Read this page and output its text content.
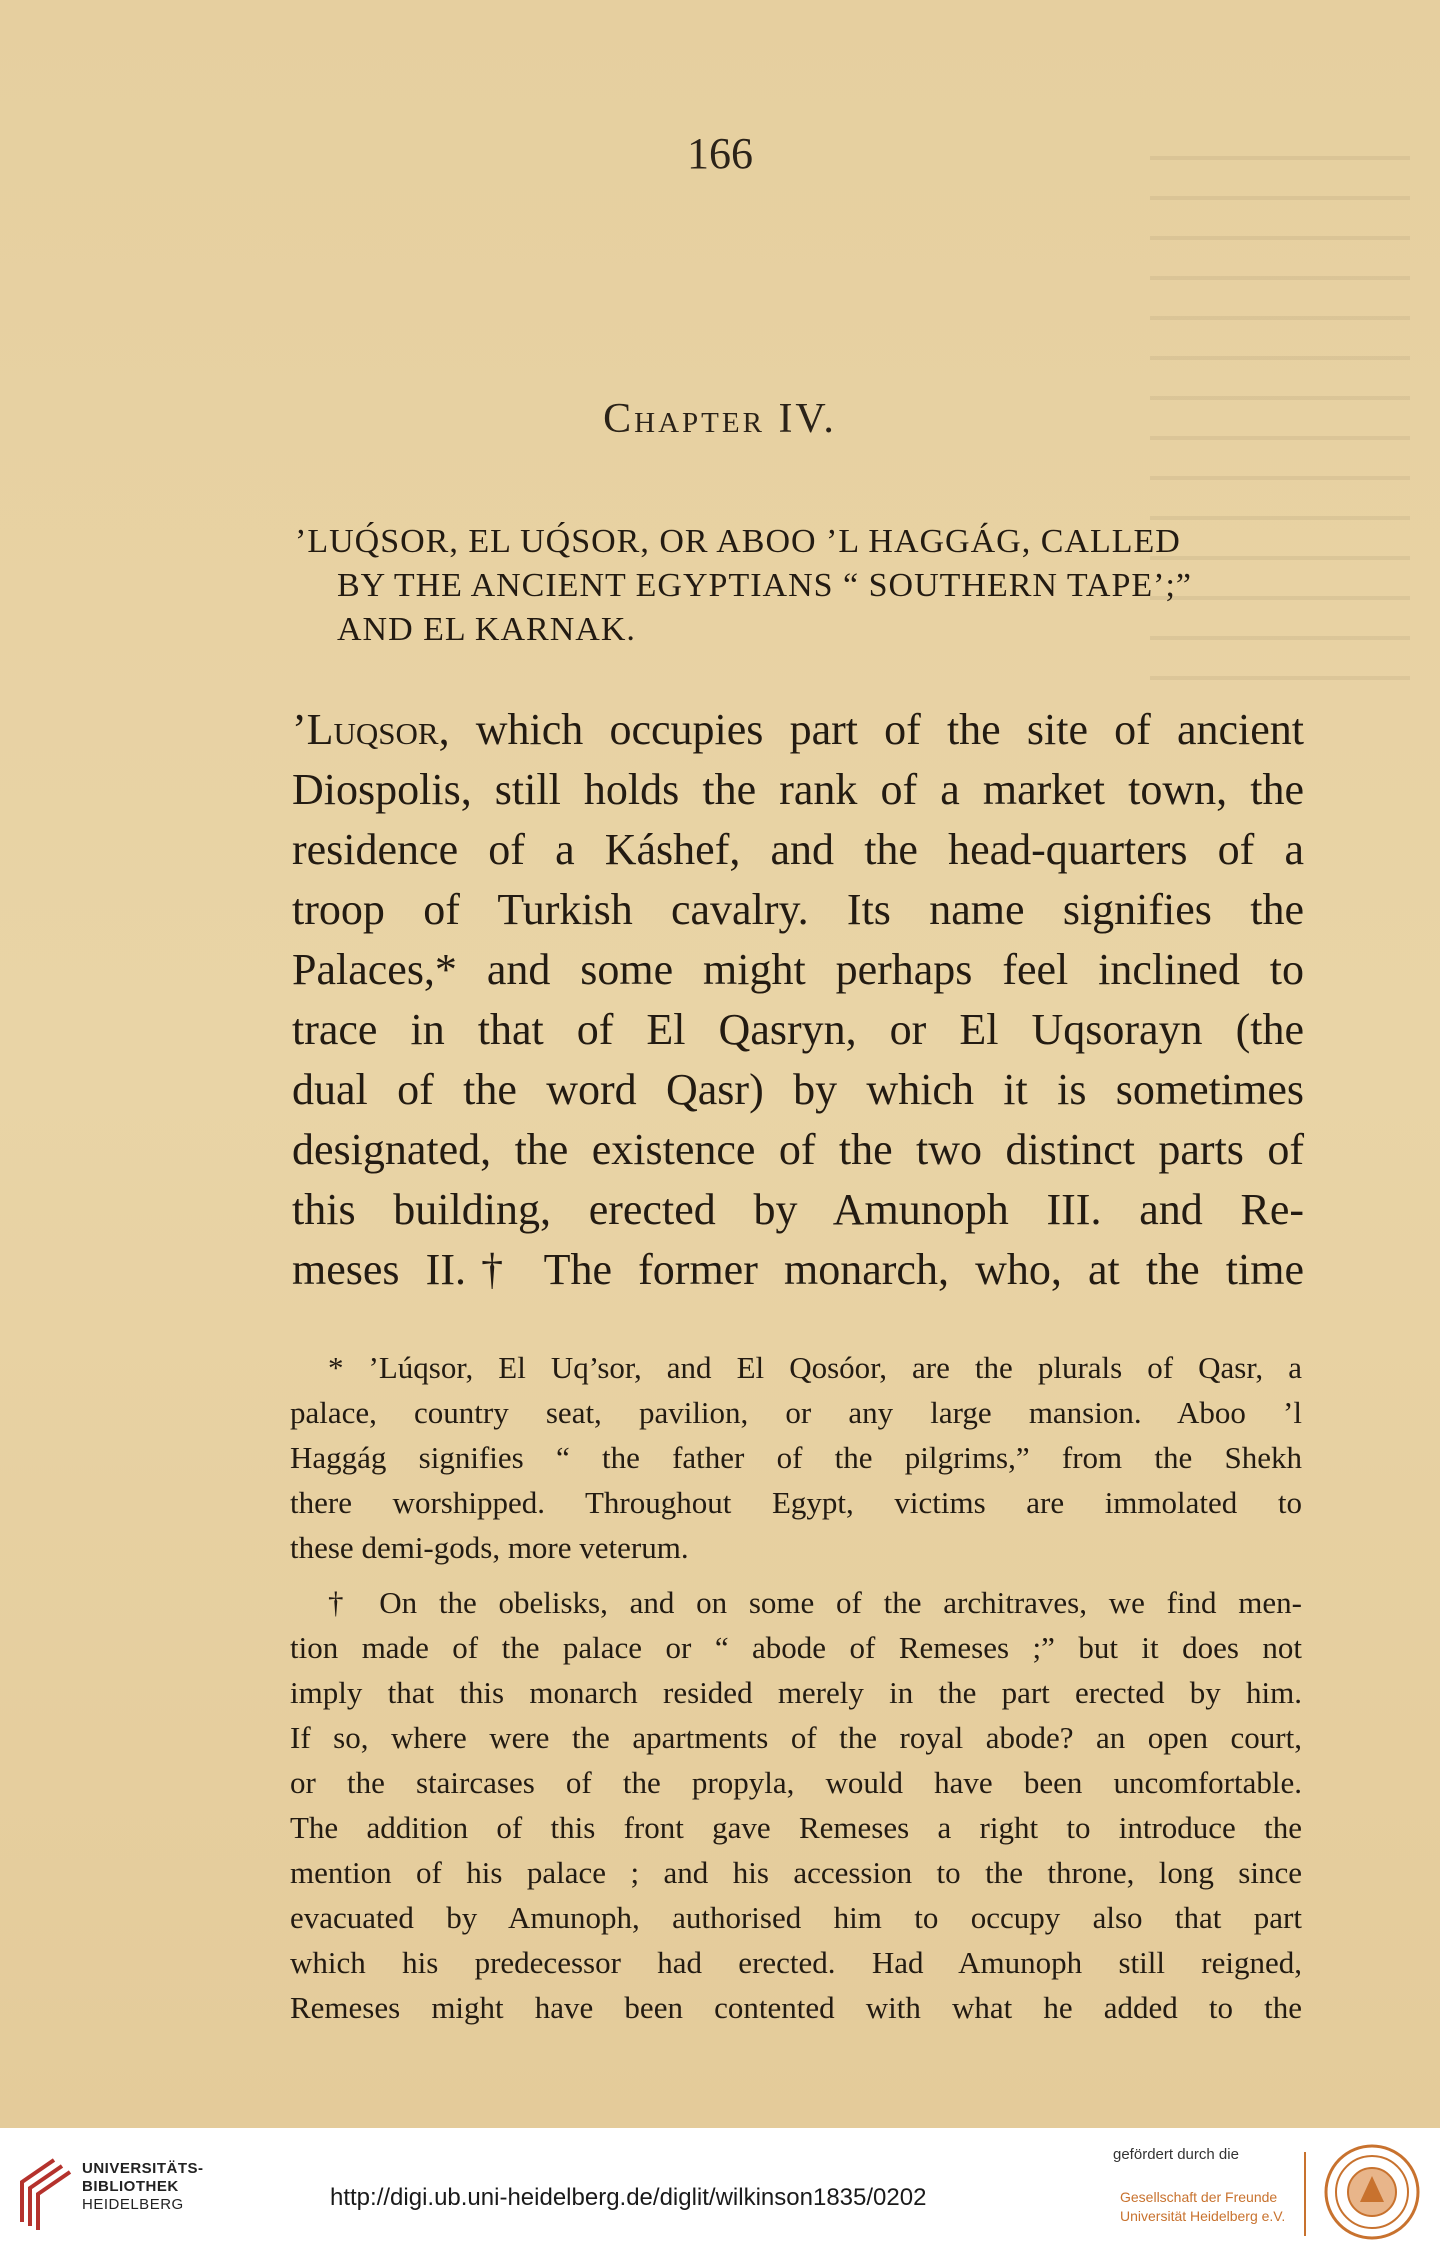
166
Chapter IV.
’LUQ́SOR, EL UQ́SOR, OR ABOO ’L HAGGÁG, CALLED
BY THE ANCIENT EGYPTIANS “ SOUTHERN TAPE’;”
AND EL KARNAK.
’Luqsor, which occupies part of the site of ancient
Diospolis, still holds the rank of a market town, the
residence of a Káshef, and the head-quarters of a
troop of Turkish cavalry. Its name signifies the
Palaces,* and some might perhaps feel inclined to
trace in that of El Qasryn, or El Uqsorayn (the
dual of the word Qasr) by which it is sometimes
designated, the existence of the two distinct parts of
this building, erected by Amunoph III. and Re-
meses II.† The former monarch, who, at the time
* ’Lúqsor, El Uq’sor, and El Qosóor, are the plurals of Qasr, a
palace, country seat, pavilion, or any large mansion. Aboo ’l
Haggág signifies “ the father of the pilgrims,” from the Shekh
there worshipped. Throughout Egypt, victims are immolated to
these demi-gods, more veterum.
† On the obelisks, and on some of the architraves, we find men-
tion made of the palace or “ abode of Remeses ;” but it does not
imply that this monarch resided merely in the part erected by him.
If so, where were the apartments of the royal abode? an open court,
or the staircases of the propyla, would have been uncomfortable.
The addition of this front gave Remeses a right to introduce the
mention of his palace ; and his accession to the throne, long since
evacuated by Amunoph, authorised him to occupy also that part
which his predecessor had erected. Had Amunoph still reigned,
Remeses might have been contented with what he added to the
UNIVERSITÄTS-
BIBLIOTHEK
HEIDELBERG	http://digi.ub.uni-heidelberg.de/diglit/wilkinson1835/0202
gefördert durch die
Gesellschaft der Freunde
Universität Heidelberg e.V.
